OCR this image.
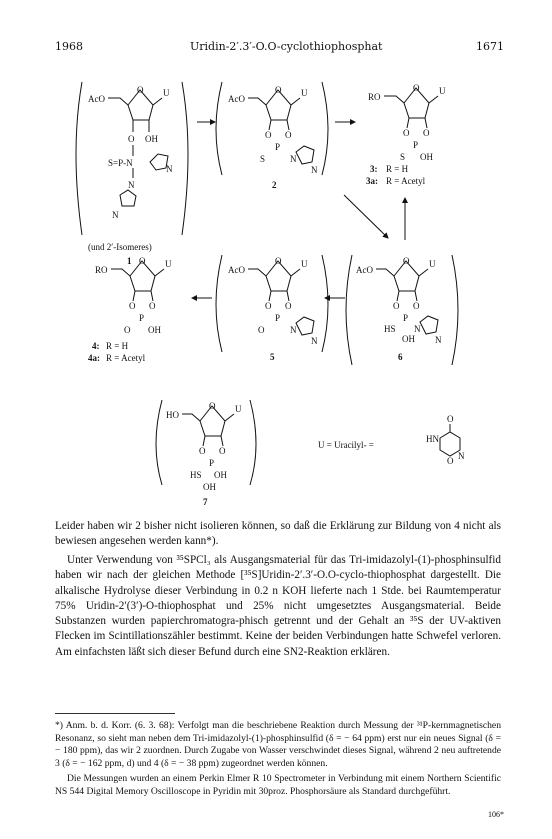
1968	Uridin-2′.3′-O.O-cyclothiophosphat	1671
AcO
O U
O OH
S=P-N
N
N
N
(und 2′-Isomeres)
1
AcO
O U
O O
P
S	N
N
2
RO
O U
O O
P
S OH
3: R = H
3a: R = Acetyl
AcO
O U
O O
P
HS N
N
OH
6
AcO
O U
O O
P
O	N
N
5
RO
O U
O O
P
O OH
4: R = H
4a: R = Acetyl
HO
O U
O O
P
HS OH
OH
7
U = Uracilyl- =
O
HN
O N
Leider haben wir 2 bisher nicht isolieren können, so daß die Erklärung zur Bildung von 4 nicht als bewiesen angesehen werden kann*).
Unter Verwendung von ³⁵SPCl₃ als Ausgangsmaterial für das Tri-imidazolyl-(1)-phosphinsulfid haben wir nach der gleichen Methode [³⁵S]Uridin-2′.3′-O.O-cyclo-thiophosphat dargestellt. Die alkalische Hydrolyse dieser Verbindung in 0.2 n KOH lieferte nach 1 Stde. bei Raumtemperatur 75% Uridin-2′(3′)-O-thiophosphat und 25% nicht umgesetztes Ausgangsmaterial. Beide Substanzen wurden papierchromatogra-phisch getrennt und der Gehalt an ³⁵S der UV-aktiven Flecken im Scintillationszähler bestimmt. Keine der beiden Verbindungen hatte Schwefel verloren. Am einfachsten läßt sich dieser Befund durch eine SN2-Reaktion erklären.
*) Anm. b. d. Korr. (6. 3. 68): Verfolgt man die beschriebene Reaktion durch Messung der ³¹P-kernmagnetischen Resonanz, so sieht man neben dem Tri-imidazolyl-(1)-phosphinsulfid (δ = − 64 ppm) erst nur ein neues Signal (δ = − 180 ppm), das wir 2 zuordnen. Durch Zugabe von Wasser verschwindet dieses Signal, während 2 neu auftretende 3 (δ = − 162 ppm, d) und 4 (δ = − 38 ppm) zugeordnet werden können.
Die Messungen wurden an einem Perkin Elmer R 10 Spectrometer in Verbindung mit einem Northern Scientific NS 544 Digital Memory Oscilloscope in Pyridin mit 30proz. Phosphorsäure als Standard durchgeführt.
106*
